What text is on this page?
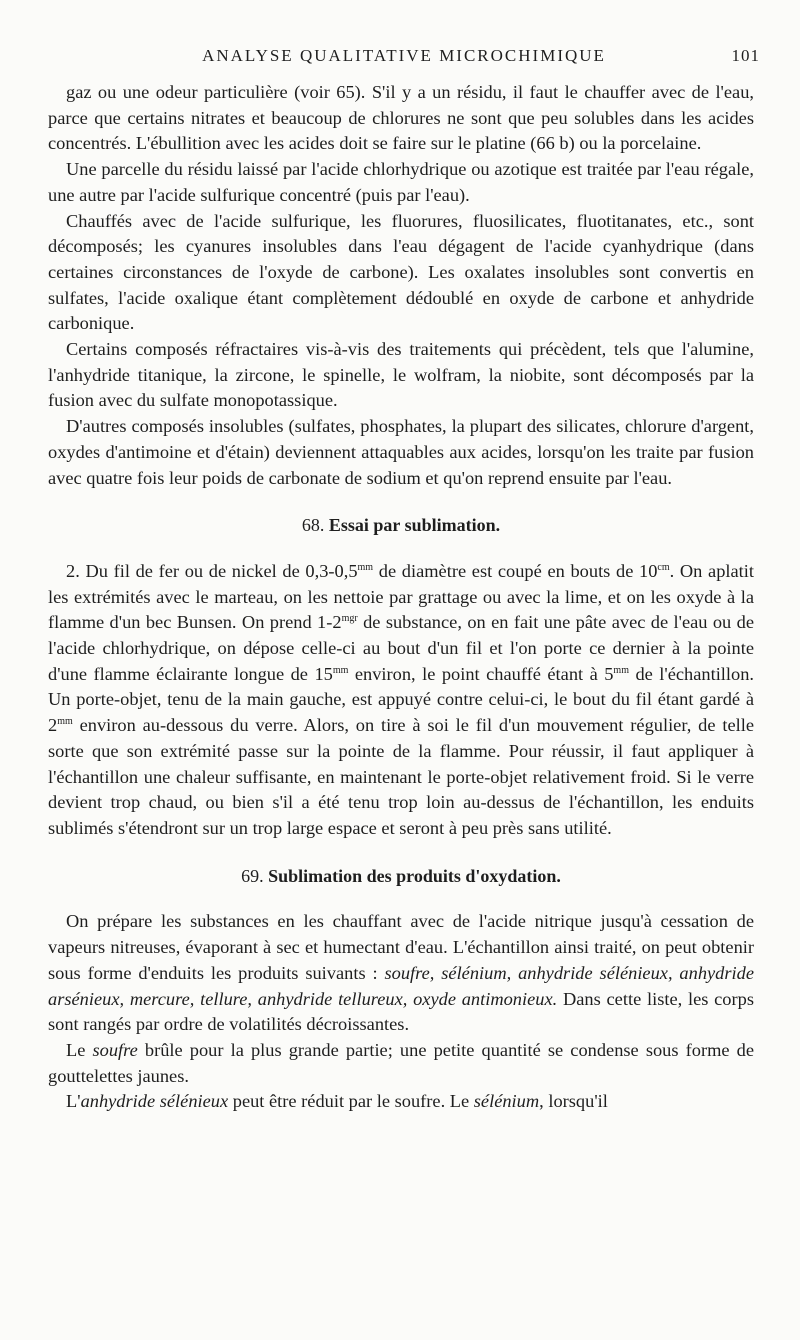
ANALYSE QUALITATIVE MICROCHIMIQUE	101

gaz ou une odeur particulière (voir 65). S'il y a un résidu, il faut le chauffer avec de l'eau, parce que certains nitrates et beaucoup de chlorures ne sont que peu solubles dans les acides concentrés. L'ébullition avec les acides doit se faire sur le platine (66 b) ou la porcelaine.

Une parcelle du résidu laissé par l'acide chlorhydrique ou azotique est traitée par l'eau régale, une autre par l'acide sulfurique concentré (puis par l'eau).

Chauffés avec de l'acide sulfurique, les fluorures, fluosilicates, fluotitanates, etc., sont décomposés; les cyanures insolubles dans l'eau dégagent de l'acide cyanhydrique (dans certaines circonstances de l'oxyde de carbone). Les oxalates insolubles sont convertis en sulfates, l'acide oxalique étant complètement dédoublé en oxyde de carbone et anhydride carbonique.

Certains composés réfractaires vis-à-vis des traitements qui précèdent, tels que l'alumine, l'anhydride titanique, la zircone, le spinelle, le wolfram, la niobite, sont décomposés par la fusion avec du sulfate monopotassique.

D'autres composés insolubles (sulfates, phosphates, la plupart des silicates, chlorure d'argent, oxydes d'antimoine et d'étain) deviennent attaquables aux acides, lorsqu'on les traite par fusion avec quatre fois leur poids de carbonate de sodium et qu'on reprend ensuite par l'eau.

68. Essai par sublimation.

2. Du fil de fer ou de nickel de $0,3-0,5^{mm}$ de diamètre est coupé en bouts de $10^{cm}$. On aplatit les extrémités avec le marteau, on les nettoie par grattage ou avec la lime, et on les oxyde à la flamme d'un bec Bunsen. On prend $1-2^{mgr}$ de substance, on en fait une pâte avec de l'eau ou de l'acide chlorhydrique, on dépose celle-ci au bout d'un fil et l'on porte ce dernier à la pointe d'une flamme éclairante longue de $15^{mm}$ environ, le point chauffé étant à $5^{mm}$ de l'échantillon. Un porte-objet, tenu de la main gauche, est appuyé contre celui-ci, le bout du fil étant gardé à $2^{mm}$ environ au-dessous du verre. Alors, on tire à soi le fil d'un mouvement régulier, de telle sorte que son extrémité passe sur la pointe de la flamme. Pour réussir, il faut appliquer à l'échantillon une chaleur suffisante, en maintenant le porte-objet relativement froid. Si le verre devient trop chaud, ou bien s'il a été tenu trop loin au-dessus de l'échantillon, les enduits sublimés s'étendront sur un trop large espace et seront à peu près sans utilité.

69. Sublimation des produits d'oxydation.

On prépare les substances en les chauffant avec de l'acide nitrique jusqu'à cessation de vapeurs nitreuses, évaporant à sec et humectant d'eau. L'échantillon ainsi traité, on peut obtenir sous forme d'enduits les produits suivants : soufre, sélénium, anhydride sélénieux, anhydride arsénieux, mercure, tellure, anhydride tellureux, oxyde antimonieux. Dans cette liste, les corps sont rangés par ordre de volatilités décroissantes.

Le soufre brûle pour la plus grande partie; une petite quantité se condense sous forme de gouttelettes jaunes.

L'anhydride sélénieux peut être réduit par le soufre. Le sélénium, lorsqu'il
